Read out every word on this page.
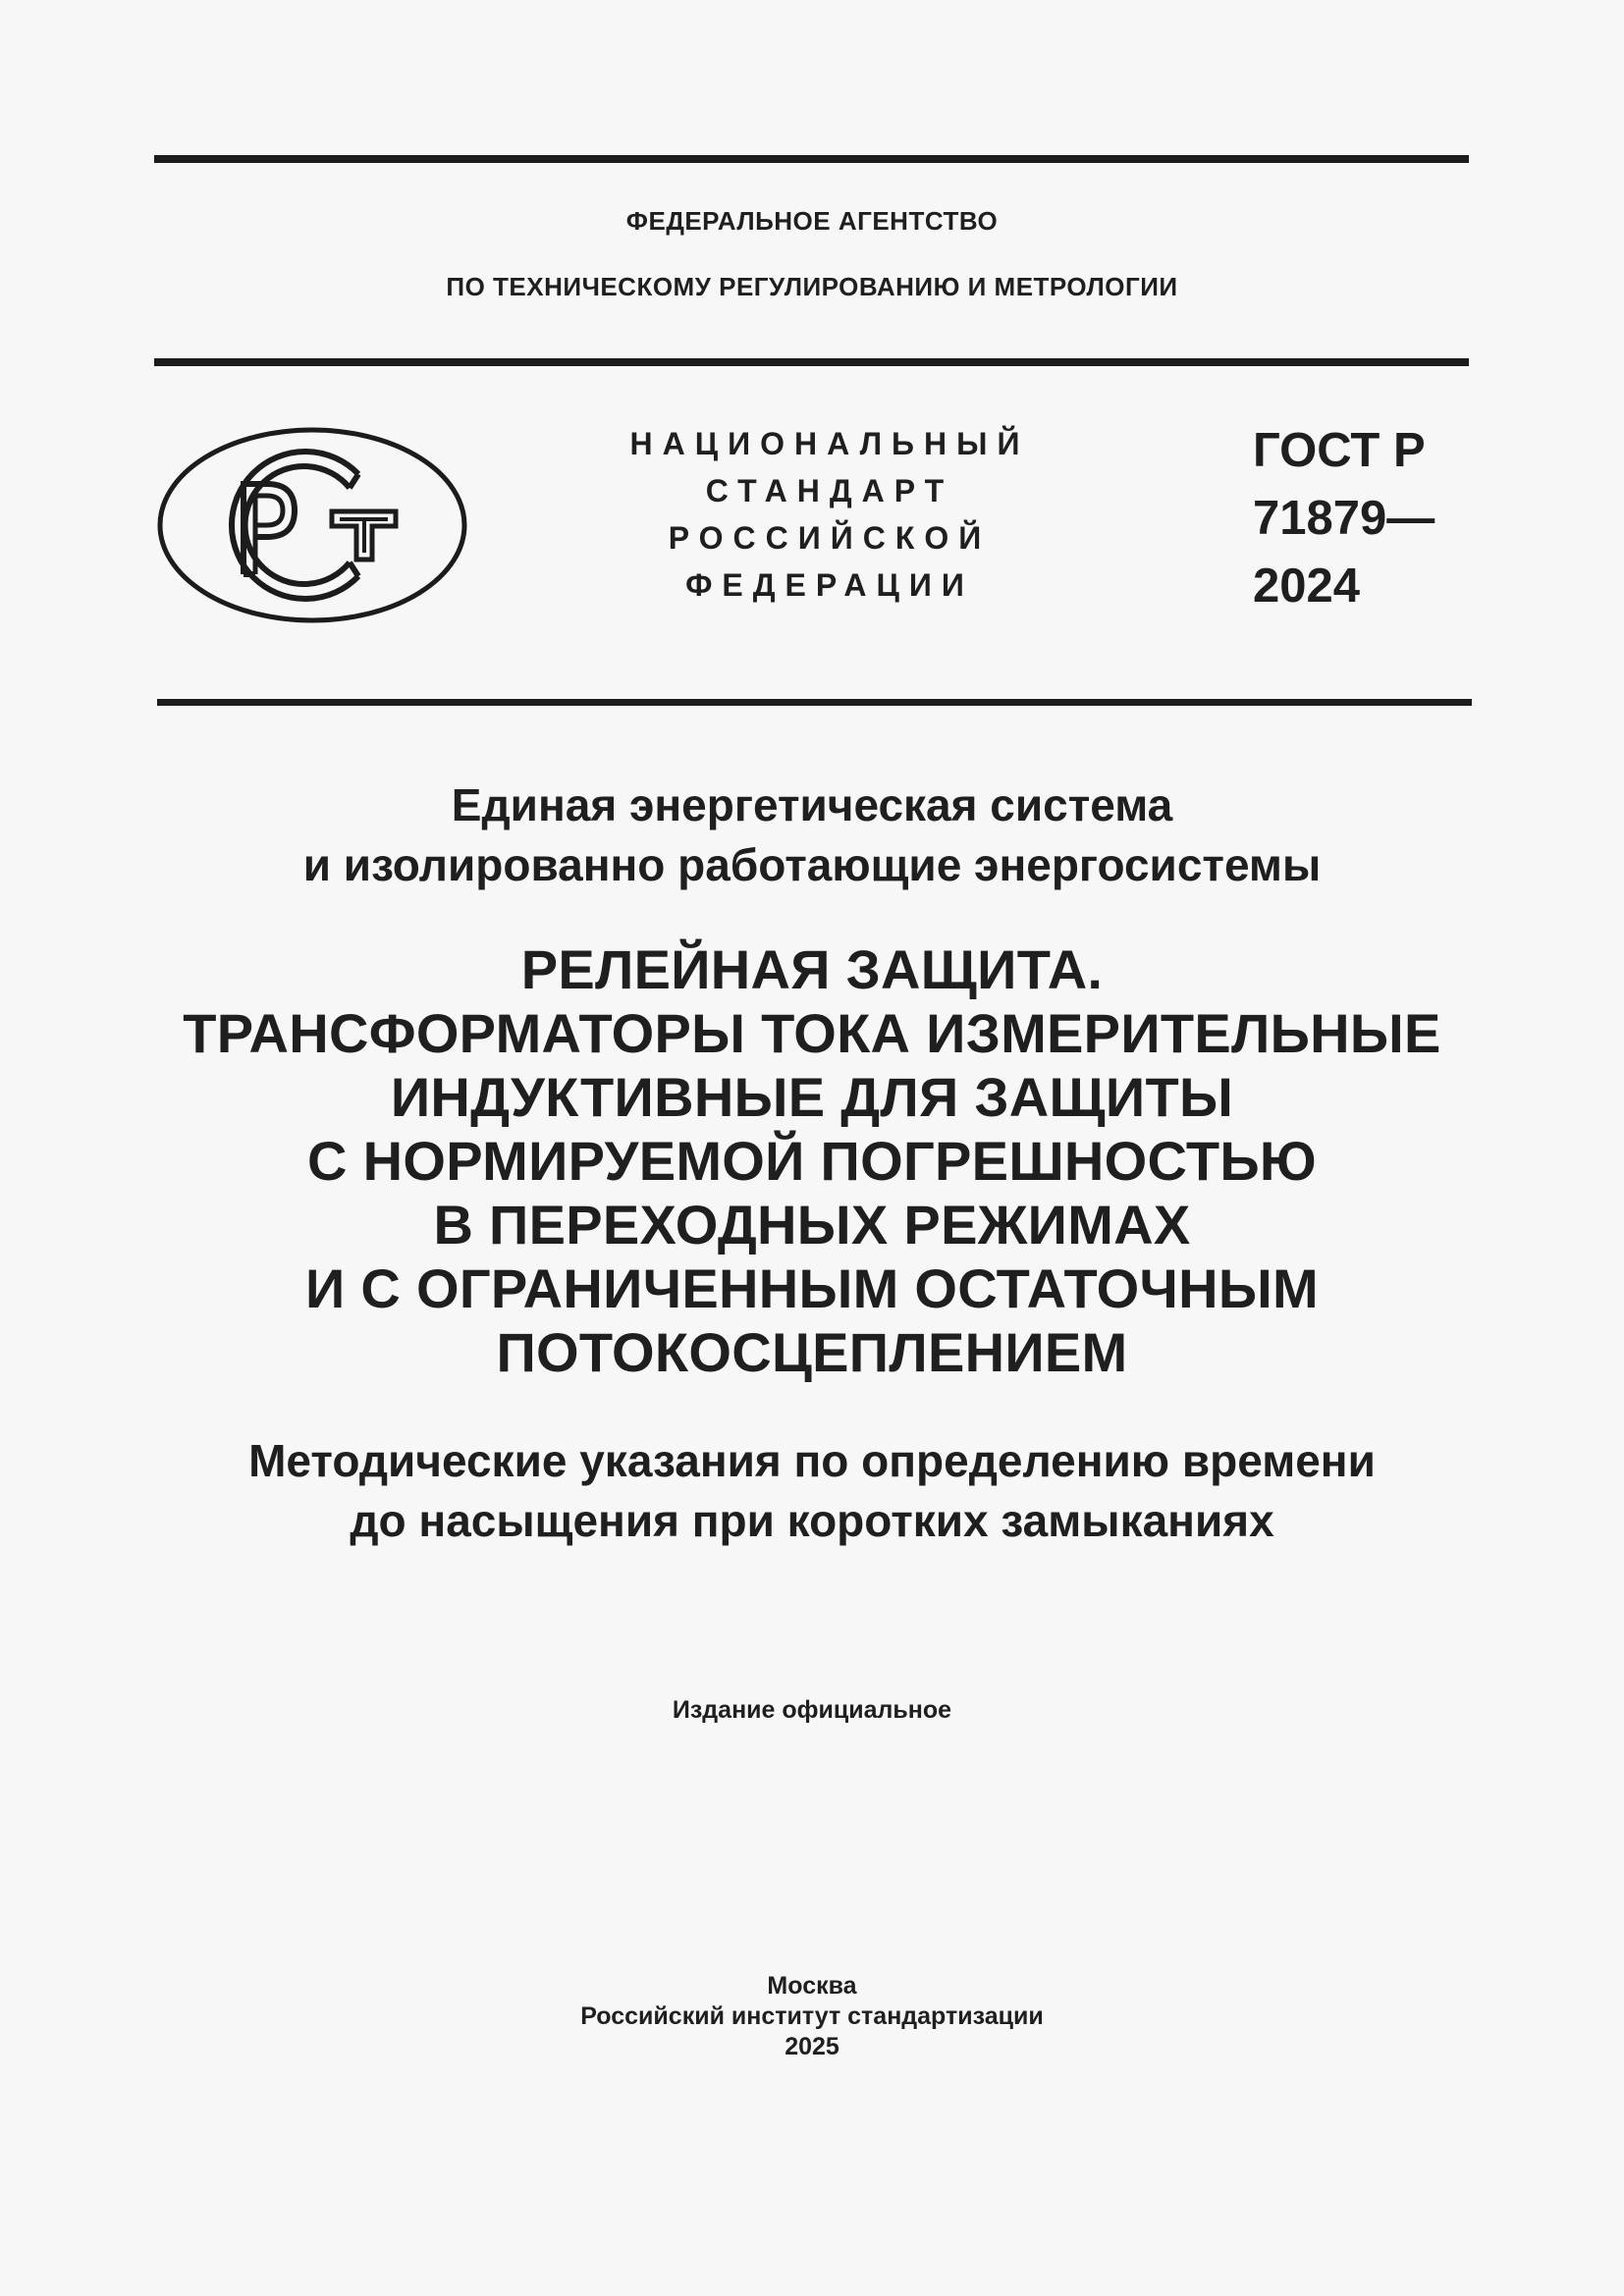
ФЕДЕРАЛЬНОЕ АГЕНТСТВО
ПО ТЕХНИЧЕСКОМУ РЕГУЛИРОВАНИЮ И МЕТРОЛОГИИ
НАЦИОНАЛЬНЫЙ
СТАНДАРТ
РОССИЙСКОЙ
ФЕДЕРАЦИИ
ГОСТ Р
71879—
2024
Единая энергетическая система
и изолированно работающие энергосистемы
РЕЛЕЙНАЯ ЗАЩИТА.
ТРАНСФОРМАТОРЫ ТОКА ИЗМЕРИТЕЛЬНЫЕ
ИНДУКТИВНЫЕ ДЛЯ ЗАЩИТЫ
С НОРМИРУЕМОЙ ПОГРЕШНОСТЬЮ
В ПЕРЕХОДНЫХ РЕЖИМАХ
И С ОГРАНИЧЕННЫМ ОСТАТОЧНЫМ
ПОТОКОСЦЕПЛЕНИЕМ
Методические указания по определению времени
до насыщения при коротких замыканиях
Издание официальное
Москва
Российский институт стандартизации
2025
